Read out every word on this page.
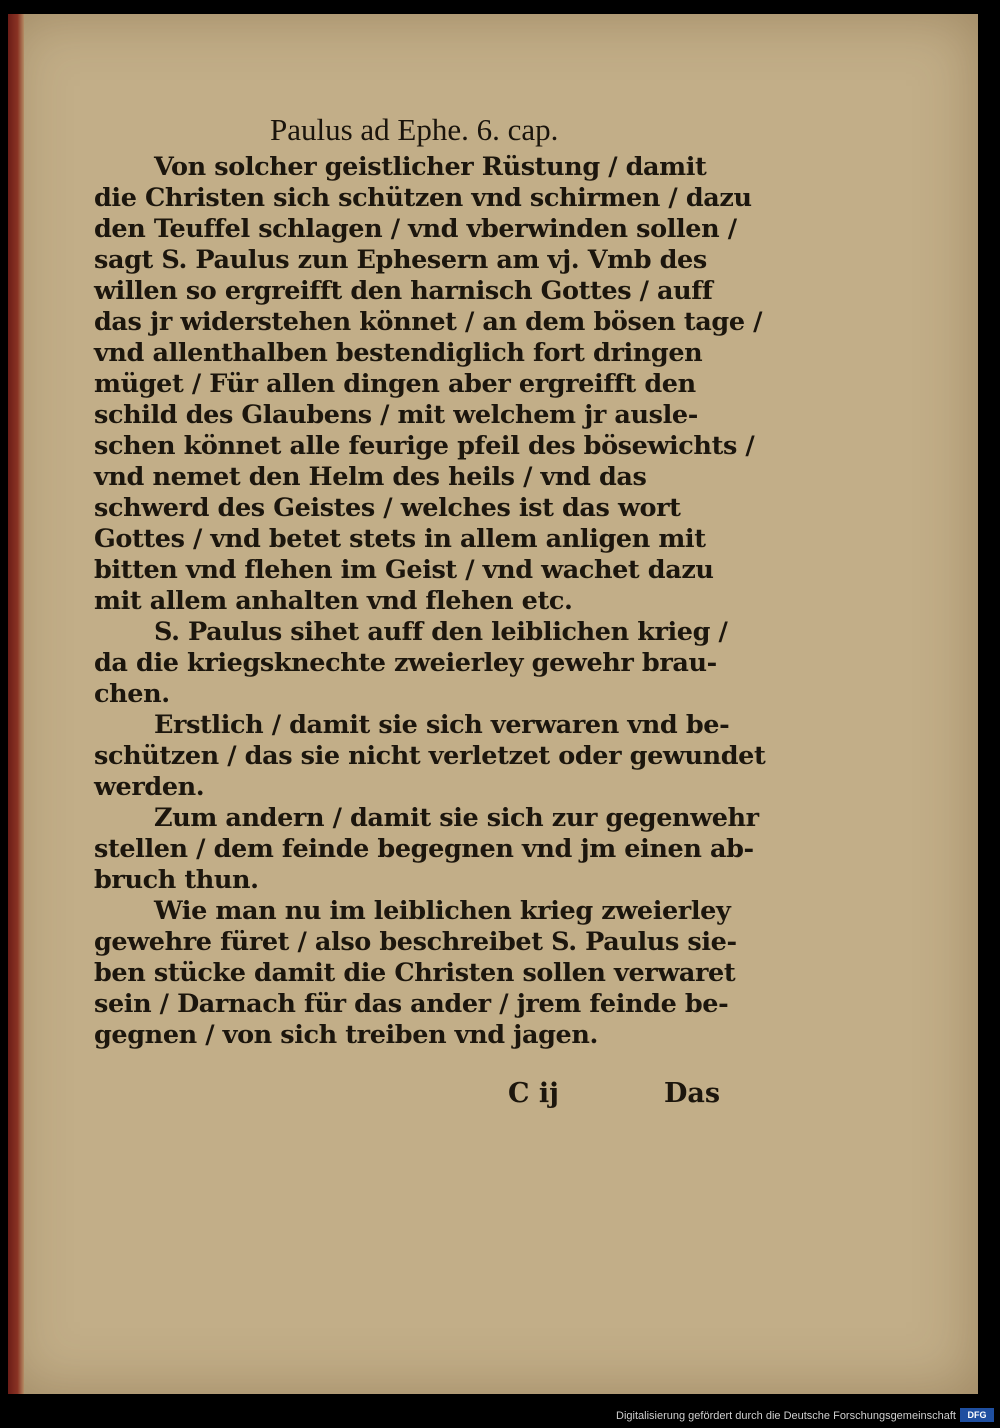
Paulus ad Ephe. 6. cap.
Von solcher geistlicher Rüstung / damit
die Christen sich schützen vnd schirmen / dazu
den Teuffel schlagen / vnd vberwinden sollen /
sagt S. Paulus zun Ephesern am vj. Vmb des
willen so ergreifft den harnisch Gottes / auff
das jr widerstehen könnet / an dem bösen tage /
vnd allenthalben bestendiglich fort dringen
müget / Für allen dingen aber ergreifft den
schild des Glaubens / mit welchem jr ausle-
schen könnet alle feurige pfeil des bösewichts /
vnd nemet den Helm des heils / vnd das
schwerd des Geistes / welches ist das wort
Gottes / vnd betet stets in allem anligen mit
bitten vnd flehen im Geist / vnd wachet dazu
mit allem anhalten vnd flehen etc.
S. Paulus sihet auff den leiblichen krieg /
da die kriegsknechte zweierley gewehr brau-
chen.
Erstlich / damit sie sich verwaren vnd be-
schützen / das sie nicht verletzet oder gewundet
werden.
Zum andern / damit sie sich zur gegenwehr
stellen / dem feinde begegnen vnd jm einen ab-
bruch thun.
Wie man nu im leiblichen krieg zweierley
gewehre füret / also beschreibet S. Paulus sie-
ben stücke damit die Christen sollen verwaret
sein / Darnach für das ander / jrem feinde be-
gegnen / von sich treiben vnd jagen.
C ij	Das
Digitalisierung gefördert durch die Deutsche Forschungsgemeinschaft	DFG
